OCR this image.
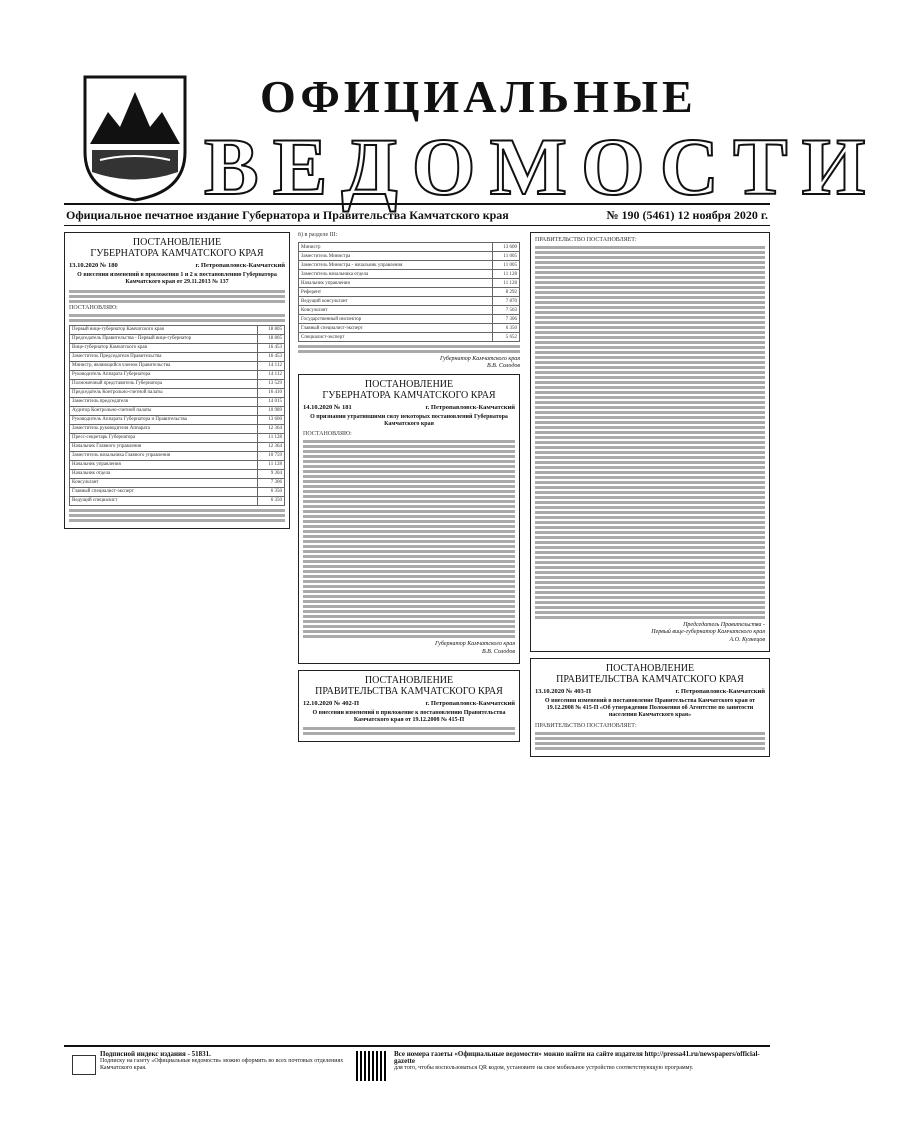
ОФИЦИАЛЬНЫЕ
ВЕДОМОСТИ
Официальное печатное издание Губернатора и Правительства Камчатского края	№ 190 (5461) 12 ноября 2020 г.
ПОСТАНОВЛЕНИЕ
ГУБЕРНАТОРА КАМЧАТСКОГО КРАЯ
13.10.2020 № 180	г. Петропавловск-Камчатский
О внесении изменений в приложения 1 и 2 к постановлению Губернатора Камчатского края от 29.11.2013 № 137
ПОСТАНОВЛЯЮ:
Первый вице-губернатор Камчатского края	18 805
Председатель Правительства - Первый вице-губернатор	18 805
Вице-губернатор Камчатского края	16 453
Заместитель Председателя Правительства	16 453
Министр, являющийся членом Правительства	14 112
Руководитель Аппарата Губернатора	14 112
Полномочный представитель Губернатора	13 529
Председатель Контрольно-счетной палаты	16 410
Заместитель председателя	14 015
Аудитор Контрольно-счетной палаты	10 989
Руководитель Аппарата Губернатора и Правительства	13 600
Заместитель руководителя Аппарата	12 364
Пресс-секретарь Губернатора	11 128
Начальник Главного управления	12 364
Заместитель начальника Главного управления	10 759
Начальник управления	11 128
Начальник отдела	9 304
Консультант	7 306
Главный специалист-эксперт	6 350
Ведущий специалист	6 350
б) в разделе III:
Министр	13 600
Заместитель Министра	11 005
Заместитель Министра - начальник управления	11 005
Заместитель начальника отдела	11 128
Начальник управления	11 128
Референт	8 292
Ведущий консультант	7 870
Консультант	7 563
Государственный инспектор	7 306
Главный специалист-эксперт	6 350
Специалист-эксперт	5 652
Губернатор Камчатского края
В.В. Солодов
ПОСТАНОВЛЕНИЕ
ГУБЕРНАТОРА КАМЧАТСКОГО КРАЯ
14.10.2020 № 181	г. Петропавловск-Камчатский
О признании утратившими силу некоторых постановлений Губернатора Камчатского края
ПОСТАНОВЛЯЮ:
Губернатор Камчатского края
В.В. Солодов
ПОСТАНОВЛЕНИЕ
ПРАВИТЕЛЬСТВА КАМЧАТСКОГО КРАЯ
12.10.2020 № 402-П	г. Петропавловск-Камчатский
О внесении изменений в приложение к постановлению Правительства Камчатского края от 19.12.2008 № 415-П
ПРАВИТЕЛЬСТВО ПОСТАНОВЛЯЕТ:
Председатель Правительства -
Первый вице-губернатор Камчатского края
А.О. Кузнецов
ПОСТАНОВЛЕНИЕ
ПРАВИТЕЛЬСТВА КАМЧАТСКОГО КРАЯ
13.10.2020 № 403-П	г. Петропавловск-Камчатский
О внесении изменений в постановление Правительства Камчатского края от 19.12.2008 № 415-П «Об утверждении Положения об Агентстве по занятости населения Камчатского края»
ПРАВИТЕЛЬСТВО ПОСТАНОВЛЯЕТ:
Подписной индекс издания - 51831.
Подписку на газету «Официальные ведомости» можно оформить во всех почтовых отделениях Камчатского края.
Все номера газеты «Официальные ведомости» можно найти на сайте издателя http://pressa41.ru/newspapers/official-gazette
для того, чтобы воспользоваться QR кодом, установите на свое мобильное устройство соответствующую программу.
